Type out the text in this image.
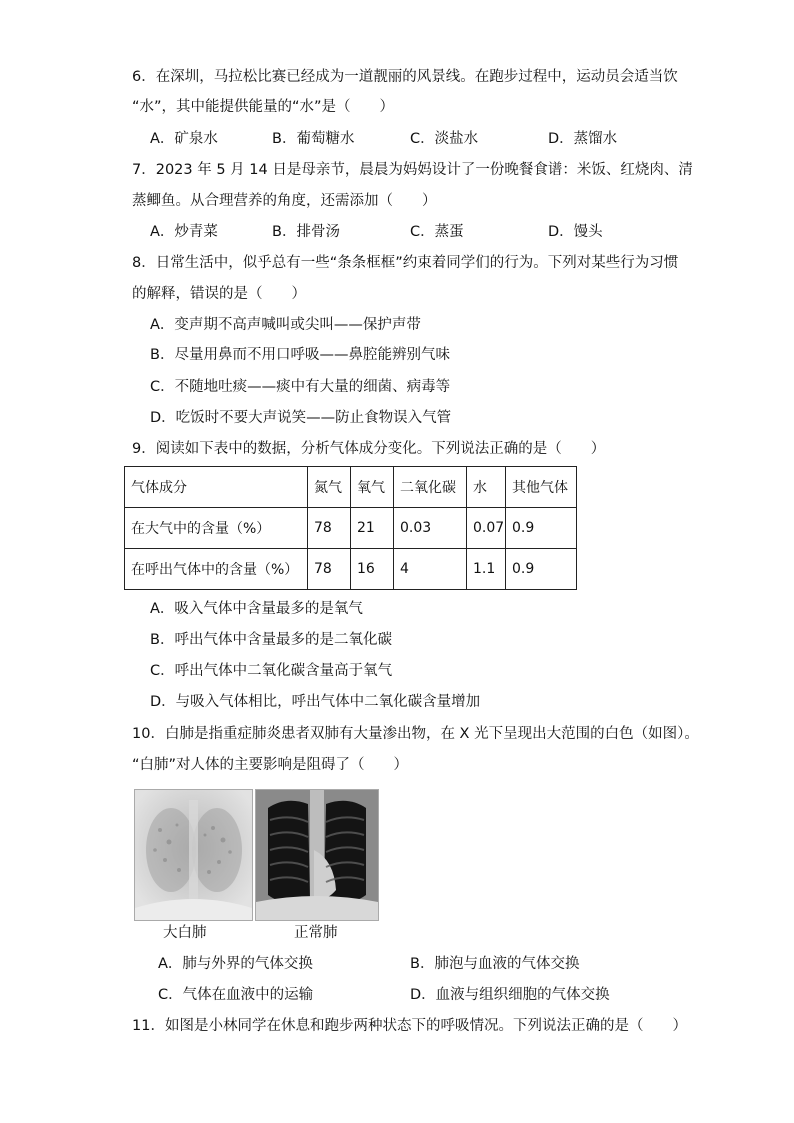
6．在深圳，马拉松比赛已经成为一道靓丽的风景线。在跑步过程中，运动员会适当饮
“水”，其中能提供能量的“水”是（　　）
A．矿泉水	B．葡萄糖水	C．淡盐水	D．蒸馏水
7．2023 年 5 月 14 日是母亲节，晨晨为妈妈设计了一份晚餐食谱：米饭、红烧肉、清
蒸鲫鱼。从合理营养的角度，还需添加（　　）
A．炒青菜	B．排骨汤	C．蒸蛋	D．馒头
8．日常生活中，似乎总有一些“条条框框”约束着同学们的行为。下列对某些行为习惯
的解释，错误的是（　　）
A．变声期不高声喊叫或尖叫——保护声带
B．尽量用鼻而不用口呼吸——鼻腔能辨别气味
C．不随地吐痰——痰中有大量的细菌、病毒等
D．吃饭时不要大声说笑——防止食物误入气管
9．阅读如下表中的数据，分析气体成分变化。下列说法正确的是（　　）
气体成分	氮气	氧气	二氧化碳	水	其他气体
在大气中的含量（%）	78	21	0.03	0.07	0.9
在呼出气体中的含量（%）	78	16	4	1.1	0.9
A．吸入气体中含量最多的是氧气
B．呼出气体中含量最多的是二氧化碳
C．呼出气体中二氧化碳含量高于氧气
D．与吸入气体相比，呼出气体中二氧化碳含量增加
10．白肺是指重症肺炎患者双肺有大量渗出物，在 X 光下呈现出大范围的白色（如图）。
“白肺”对人体的主要影响是阻碍了（　　）
大白肺	正常肺
A．肺与外界的气体交换	B．肺泡与血液的气体交换
C．气体在血液中的运输	D．血液与组织细胞的气体交换
11．如图是小林同学在休息和跑步两种状态下的呼吸情况。下列说法正确的是（　　）
